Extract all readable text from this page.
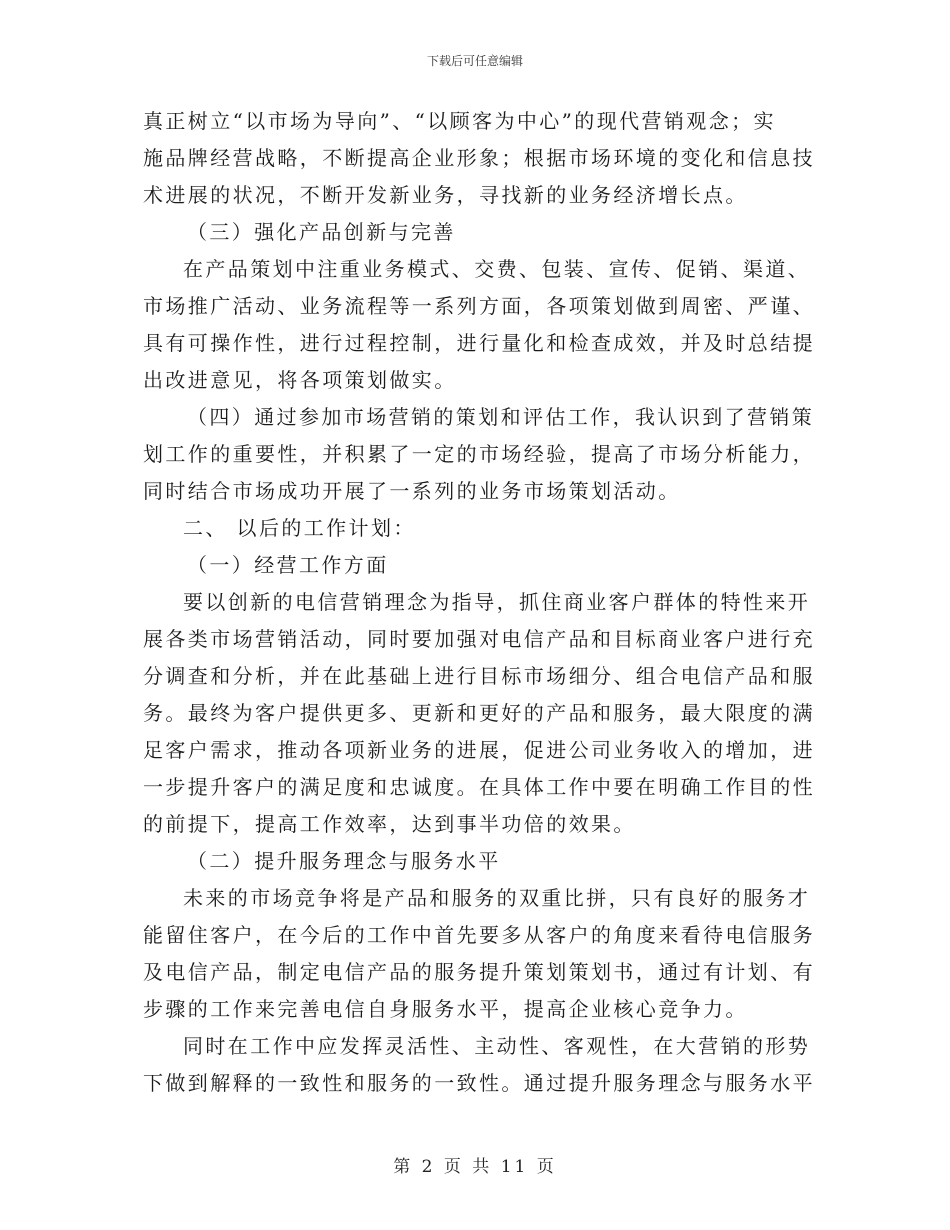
下载后可任意编辑
真正树立“以市场为导向”、“以顾客为中心”的现代营销观念；实
施品牌经营战略，不断提高企业形象；根据市场环境的变化和信息技
术进展的状况，不断开发新业务，寻找新的业务经济增长点。
（三）强化产品创新与完善
在产品策划中注重业务模式、交费、包装、宣传、促销、渠道、
市场推广活动、业务流程等一系列方面，各项策划做到周密、严谨、
具有可操作性，进行过程控制，进行量化和检查成效，并及时总结提
出改进意见，将各项策划做实。
（四）通过参加市场营销的策划和评估工作，我认识到了营销策
划工作的重要性，并积累了一定的市场经验，提高了市场分析能力，
同时结合市场成功开展了一系列的业务市场策划活动。
二、 以后的工作计划：
（一）经营工作方面
要以创新的电信营销理念为指导，抓住商业客户群体的特性来开
展各类市场营销活动，同时要加强对电信产品和目标商业客户进行充
分调查和分析，并在此基础上进行目标市场细分、组合电信产品和服
务。最终为客户提供更多、更新和更好的产品和服务，最大限度的满
足客户需求，推动各项新业务的进展，促进公司业务收入的增加，进
一步提升客户的满足度和忠诚度。在具体工作中要在明确工作目的性
的前提下，提高工作效率，达到事半功倍的效果。
（二）提升服务理念与服务水平
未来的市场竞争将是产品和服务的双重比拼，只有良好的服务才
能留住客户，在今后的工作中首先要多从客户的角度来看待电信服务
及电信产品，制定电信产品的服务提升策划策划书，通过有计划、有
步骤的工作来完善电信自身服务水平，提高企业核心竞争力。
同时在工作中应发挥灵活性、主动性、客观性，在大营销的形势
下做到解释的一致性和服务的一致性。通过提升服务理念与服务水平
第 2 页 共 11 页
